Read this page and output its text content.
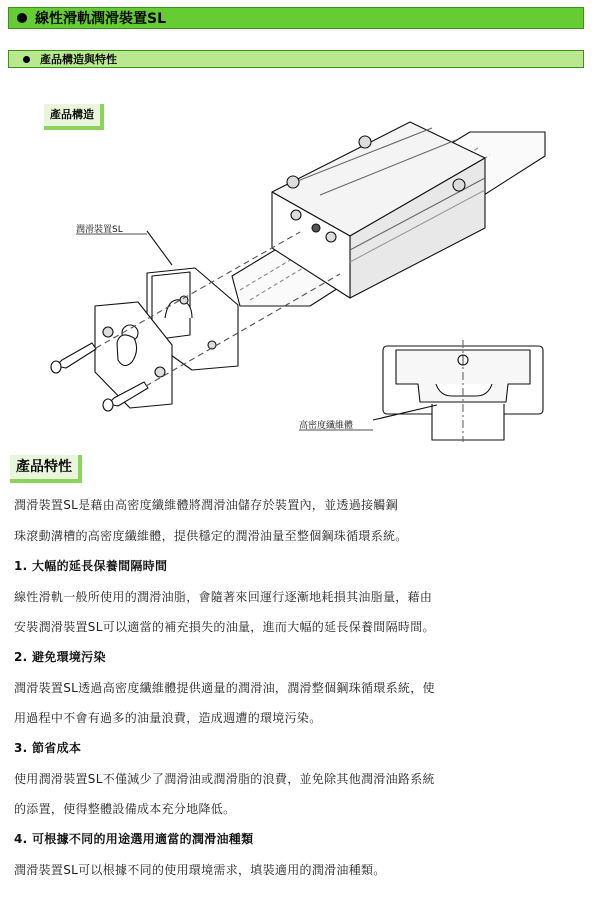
線性滑軌潤滑裝置SL
產品構造與特性
產品構造
潤滑裝置SL
高密度纖維體
產品特性
潤滑裝置SL是藉由高密度纖維體將潤滑油儲存於裝置內，並透過接觸鋼
珠滾動溝槽的高密度纖維體，提供穩定的潤滑油量至整個鋼珠循環系統。
1. 大幅的延長保養間隔時間
線性滑軌一般所使用的潤滑油脂，會隨著來回運行逐漸地耗損其油脂量，藉由
安裝潤滑裝置SL可以適當的補充損失的油量，進而大幅的延長保養間隔時間。
2. 避免環境污染
潤滑裝置SL透過高密度纖維體提供適量的潤滑油，潤滑整個鋼珠循環系統，使
用過程中不會有過多的油量浪費，造成週遭的環境污染。
3. 節省成本
使用潤滑裝置SL不僅減少了潤滑油或潤滑脂的浪費，並免除其他潤滑油路系統
的添置，使得整體設備成本充分地降低。
4. 可根據不同的用途選用適當的潤滑油種類
潤滑裝置SL可以根據不同的使用環境需求，填裝適用的潤滑油種類。
